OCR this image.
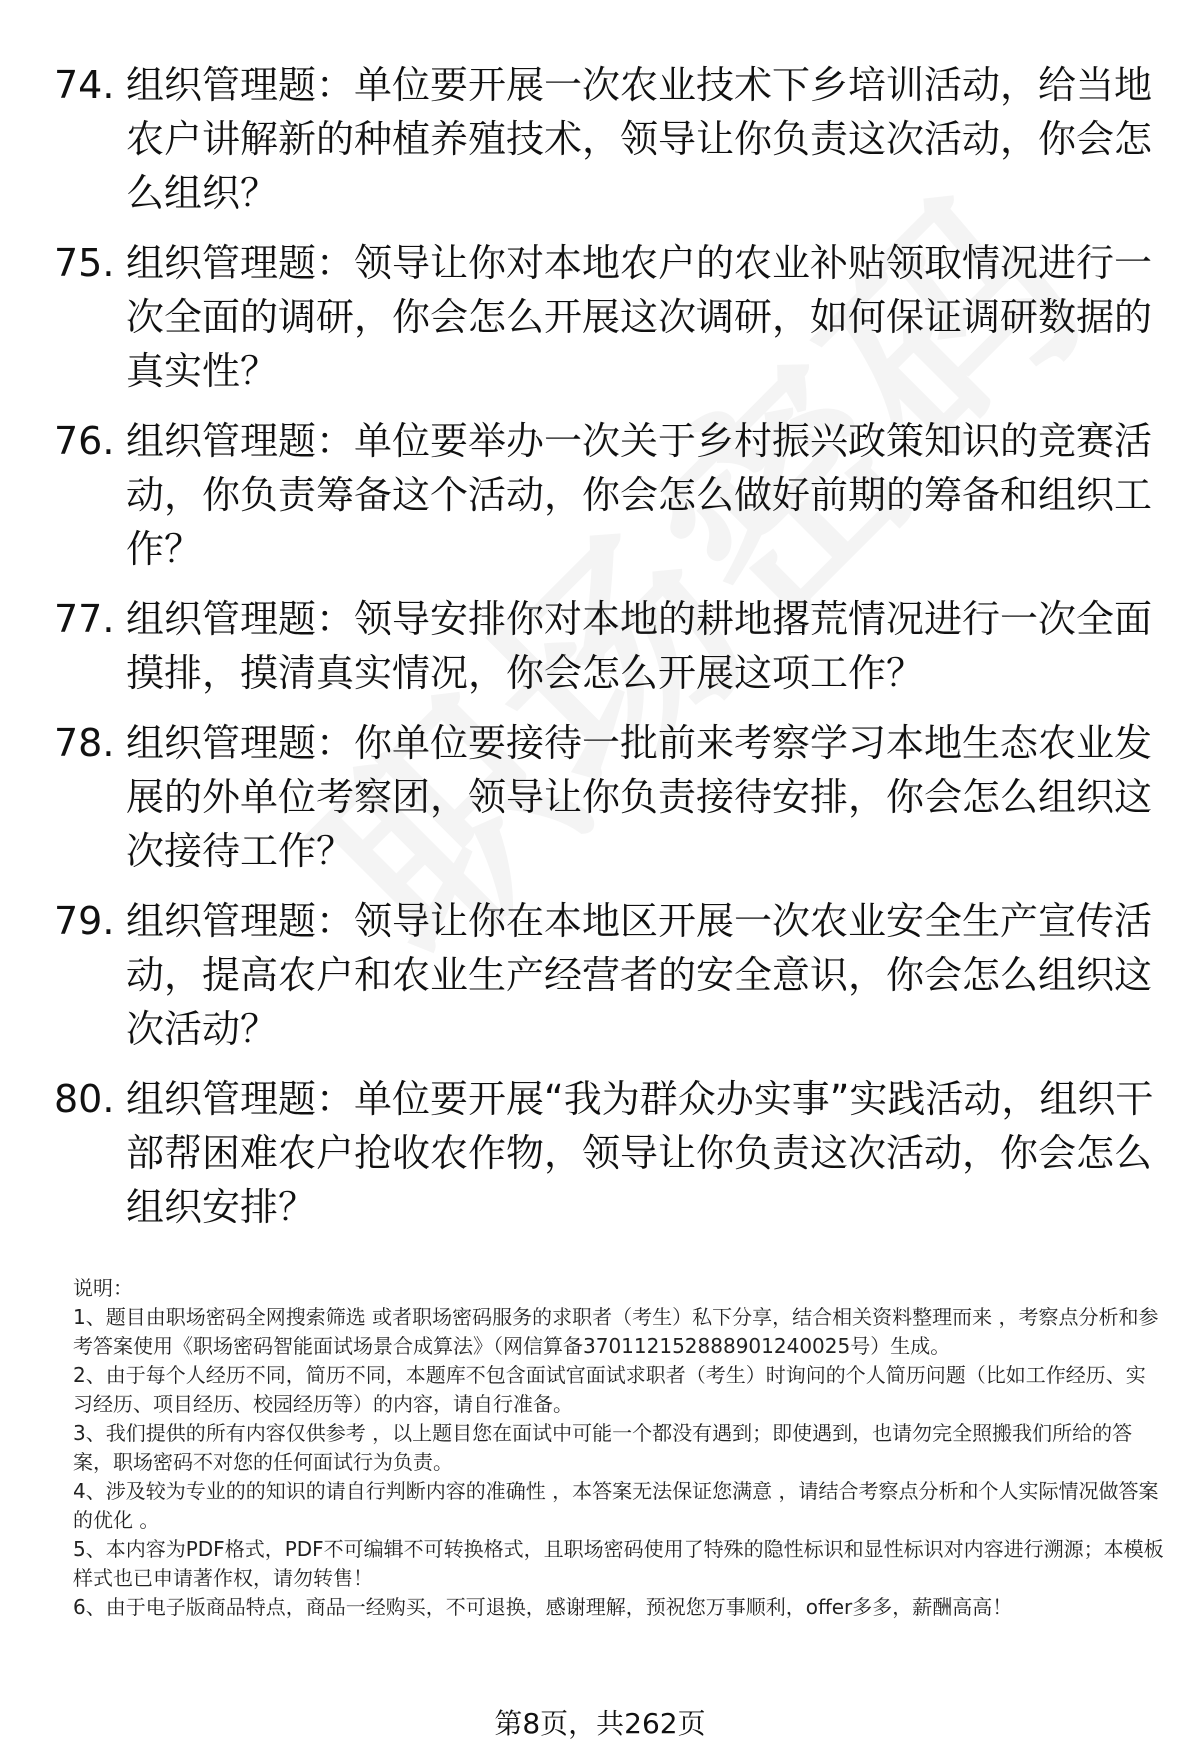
74. 组织管理题：单位要开展一次农业技术下乡培训活动，给当地农户讲解新的种植养殖技术，领导让你负责这次活动，你会怎么组织？
75. 组织管理题：领导让你对本地农户的农业补贴领取情况进行一次全面的调研，你会怎么开展这次调研，如何保证调研数据的真实性？
76. 组织管理题：单位要举办一次关于乡村振兴政策知识的竞赛活动，你负责筹备这个活动，你会怎么做好前期的筹备和组织工作？
77. 组织管理题：领导安排你对本地的耕地撂荒情况进行一次全面摸排，摸清真实情况，你会怎么开展这项工作？
78. 组织管理题：你单位要接待一批前来考察学习本地生态农业发展的外单位考察团，领导让你负责接待安排，你会怎么组织这次接待工作？
79. 组织管理题：领导让你在本地区开展一次农业安全生产宣传活动，提高农户和农业生产经营者的安全意识，你会怎么组织这次活动？
80. 组织管理题：单位要开展“我为群众办实事”实践活动，组织干部帮困难农户抢收农作物，领导让你负责这次活动，你会怎么组织安排？

说明：

1、题目由职场密码全网搜索筛选 或者职场密码服务的求职者（考生）私下分享，结合相关资料整理而来 ，考察点分析和参考答案使用《职场密码智能面试场景合成算法》（网信算备370112152888901240025号）生成。

2、由于每个人经历不同，简历不同，本题库不包含面试官面试求职者（考生）时询问的个人简历问题（比如工作经历、实习经历、项目经历、校园经历等）的内容，请自行准备。

3、我们提供的所有内容仅供参考 ，以上题目您在面试中可能一个都没有遇到；即使遇到，也请勿完全照搬我们所给的答案，职场密码不对您的任何面试行为负责。

4、涉及较为专业的的知识的请自行判断内容的准确性 ，本答案无法保证您满意 ，请结合考察点分析和个人实际情况做答案的优化 。

5、本内容为PDF格式，PDF不可编辑不可转换格式，且职场密码使用了特殊的隐性标识和显性标识对内容进行溯源；本模板样式也已申请著作权，请勿转售！

6、由于电子版商品特点，商品一经购买，不可退换，感谢理解，预祝您万事顺利，offer多多，薪酬高高！

第8页，共262页
